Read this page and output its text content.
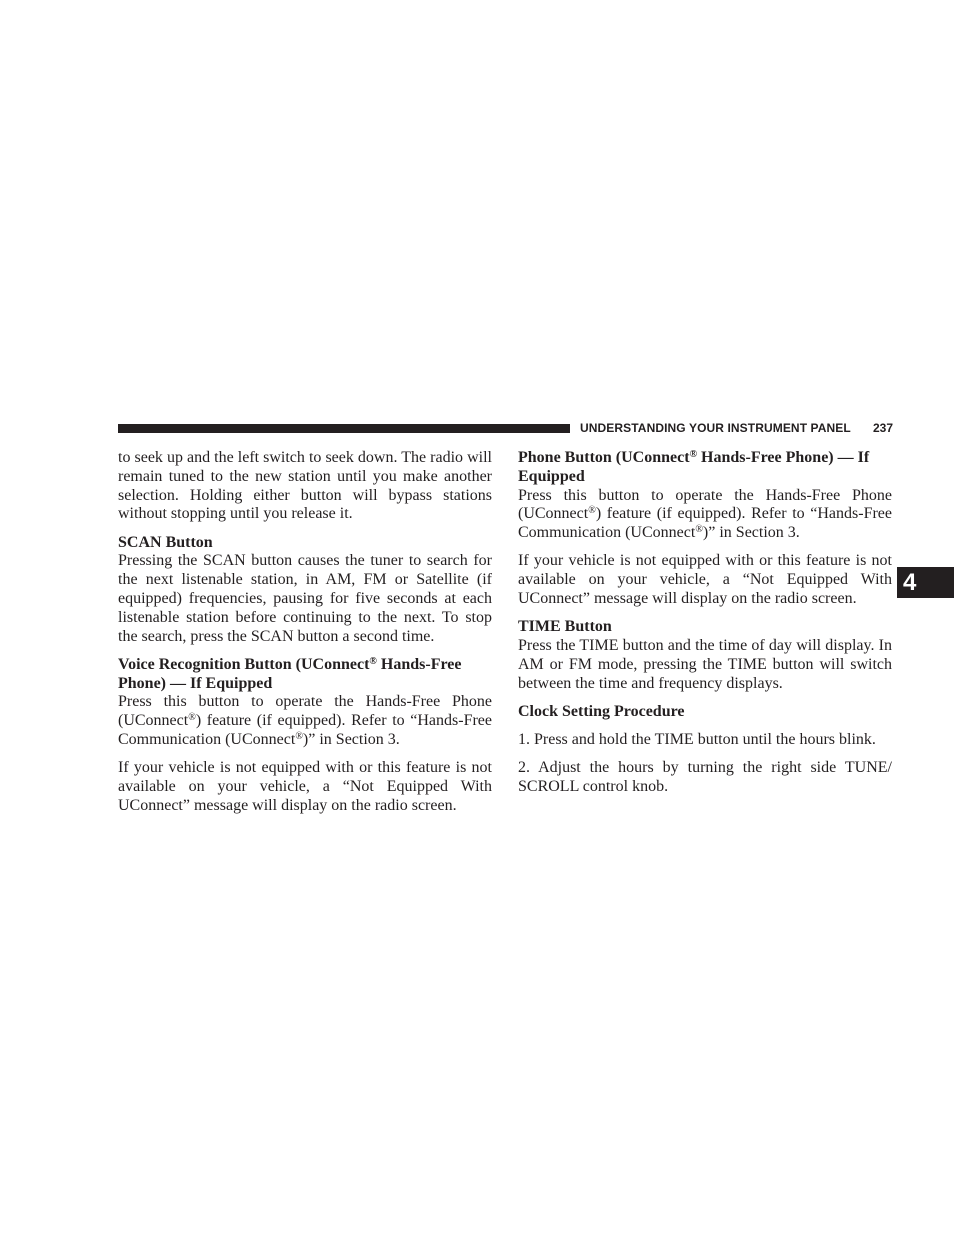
UNDERSTANDING YOUR INSTRUMENT PANEL 237
4

to seek up and the left switch to seek down. The radio will remain tuned to the new station until you make another selection. Holding either button will bypass stations without stopping until you release it.

SCAN Button

Pressing the SCAN button causes the tuner to search for the next listenable station, in AM, FM or Satellite (if equipped) frequencies, pausing for five seconds at each listenable station before continuing to the next. To stop the search, press the SCAN button a second time.

Voice Recognition Button (UConnect® Hands-Free Phone) — If Equipped

Press this button to operate the Hands-Free Phone (UConnect®) feature (if equipped). Refer to “Hands-Free Communication (UConnect®)” in Section 3.

If your vehicle is not equipped with or this feature is not available on your vehicle, a “Not Equipped With UConnect” message will display on the radio screen.

Phone Button (UConnect® Hands-Free Phone) — If Equipped

Press this button to operate the Hands-Free Phone (UConnect®) feature (if equipped). Refer to “Hands-Free Communication (UConnect®)” in Section 3.

If your vehicle is not equipped with or this feature is not available on your vehicle, a “Not Equipped With UConnect” message will display on the radio screen.

TIME Button

Press the TIME button and the time of day will display. In AM or FM mode, pressing the TIME button will switch between the time and frequency displays.

Clock Setting Procedure

1. Press and hold the TIME button until the hours blink.

2. Adjust the hours by turning the right side TUNE/ SCROLL control knob.
